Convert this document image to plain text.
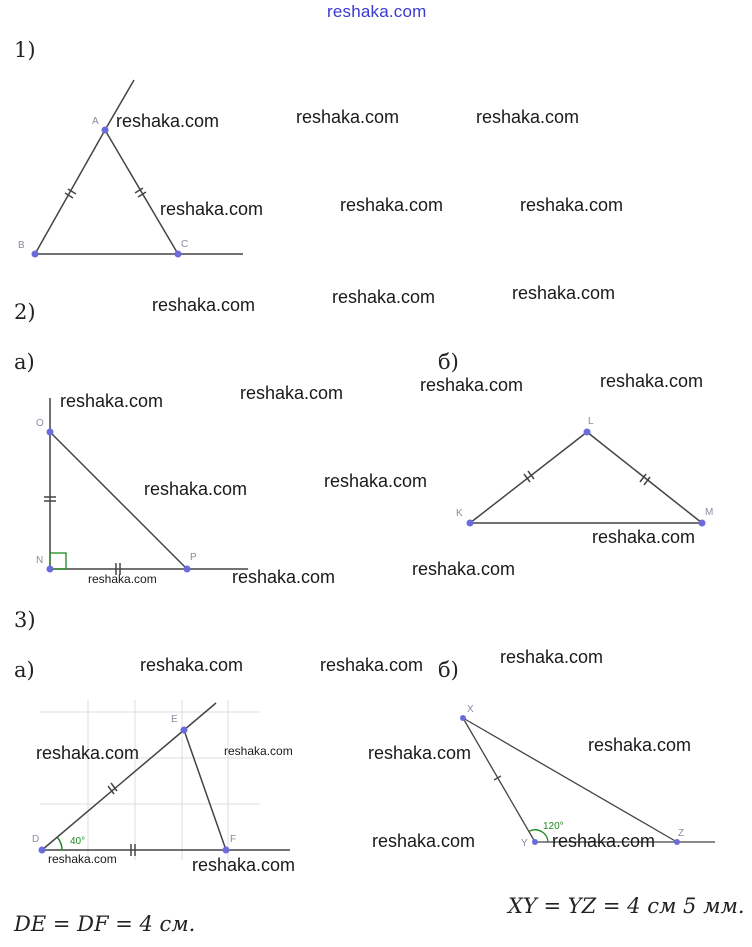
reshaka.com
1)
2)
а)	б)
3)
а)	б)
A
B	C
O
N	P
K
L
M
D
E
F
40°
X
Y
Z
120°
reshaka.com	reshaka.com	reshaka.com
reshaka.com	reshaka.com	reshaka.com
reshaka.com	reshaka.com	reshaka.com
reshaka.com	reshaka.com	reshaka.com	reshaka.com
reshaka.com	reshaka.com
reshaka.com
reshaka.com	reshaka.com	reshaka.com
reshaka.com	reshaka.com	reshaka.com
reshaka.com	reshaka.com	reshaka.com	reshaka.com
reshaka.com	reshaka.com
reshaka.com	reshaka.com
DE = DF = 4 см.
XY = YZ = 4 см 5 мм.
